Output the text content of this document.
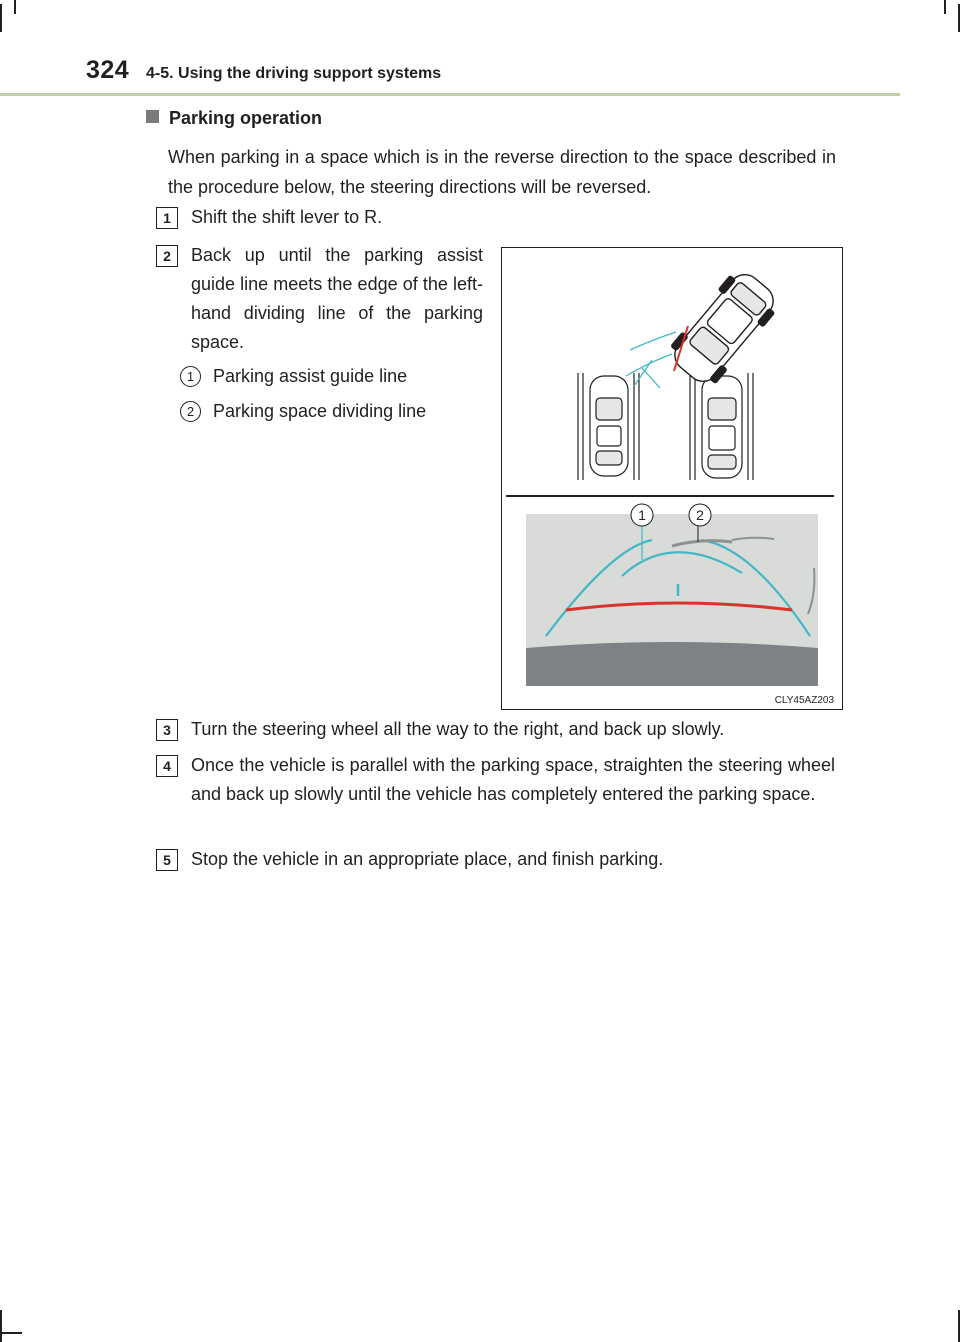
324 4-5. Using the driving support systems
Parking operation
When parking in a space which is in the reverse direction to the space described in the procedure below, the steering directions will be reversed.
1	Shift the shift lever to R.
2	Back up until the parking assist guide line meets the edge of the left-hand dividing line of the parking space.
1 Parking assist guide line
2 Parking space dividing line
1	2
CLY45AZ203
3	Turn the steering wheel all the way to the right, and back up slowly.
4	Once the vehicle is parallel with the parking space, straighten the steering wheel and back up slowly until the vehicle has completely entered the parking space.
5	Stop the vehicle in an appropriate place, and finish parking.
